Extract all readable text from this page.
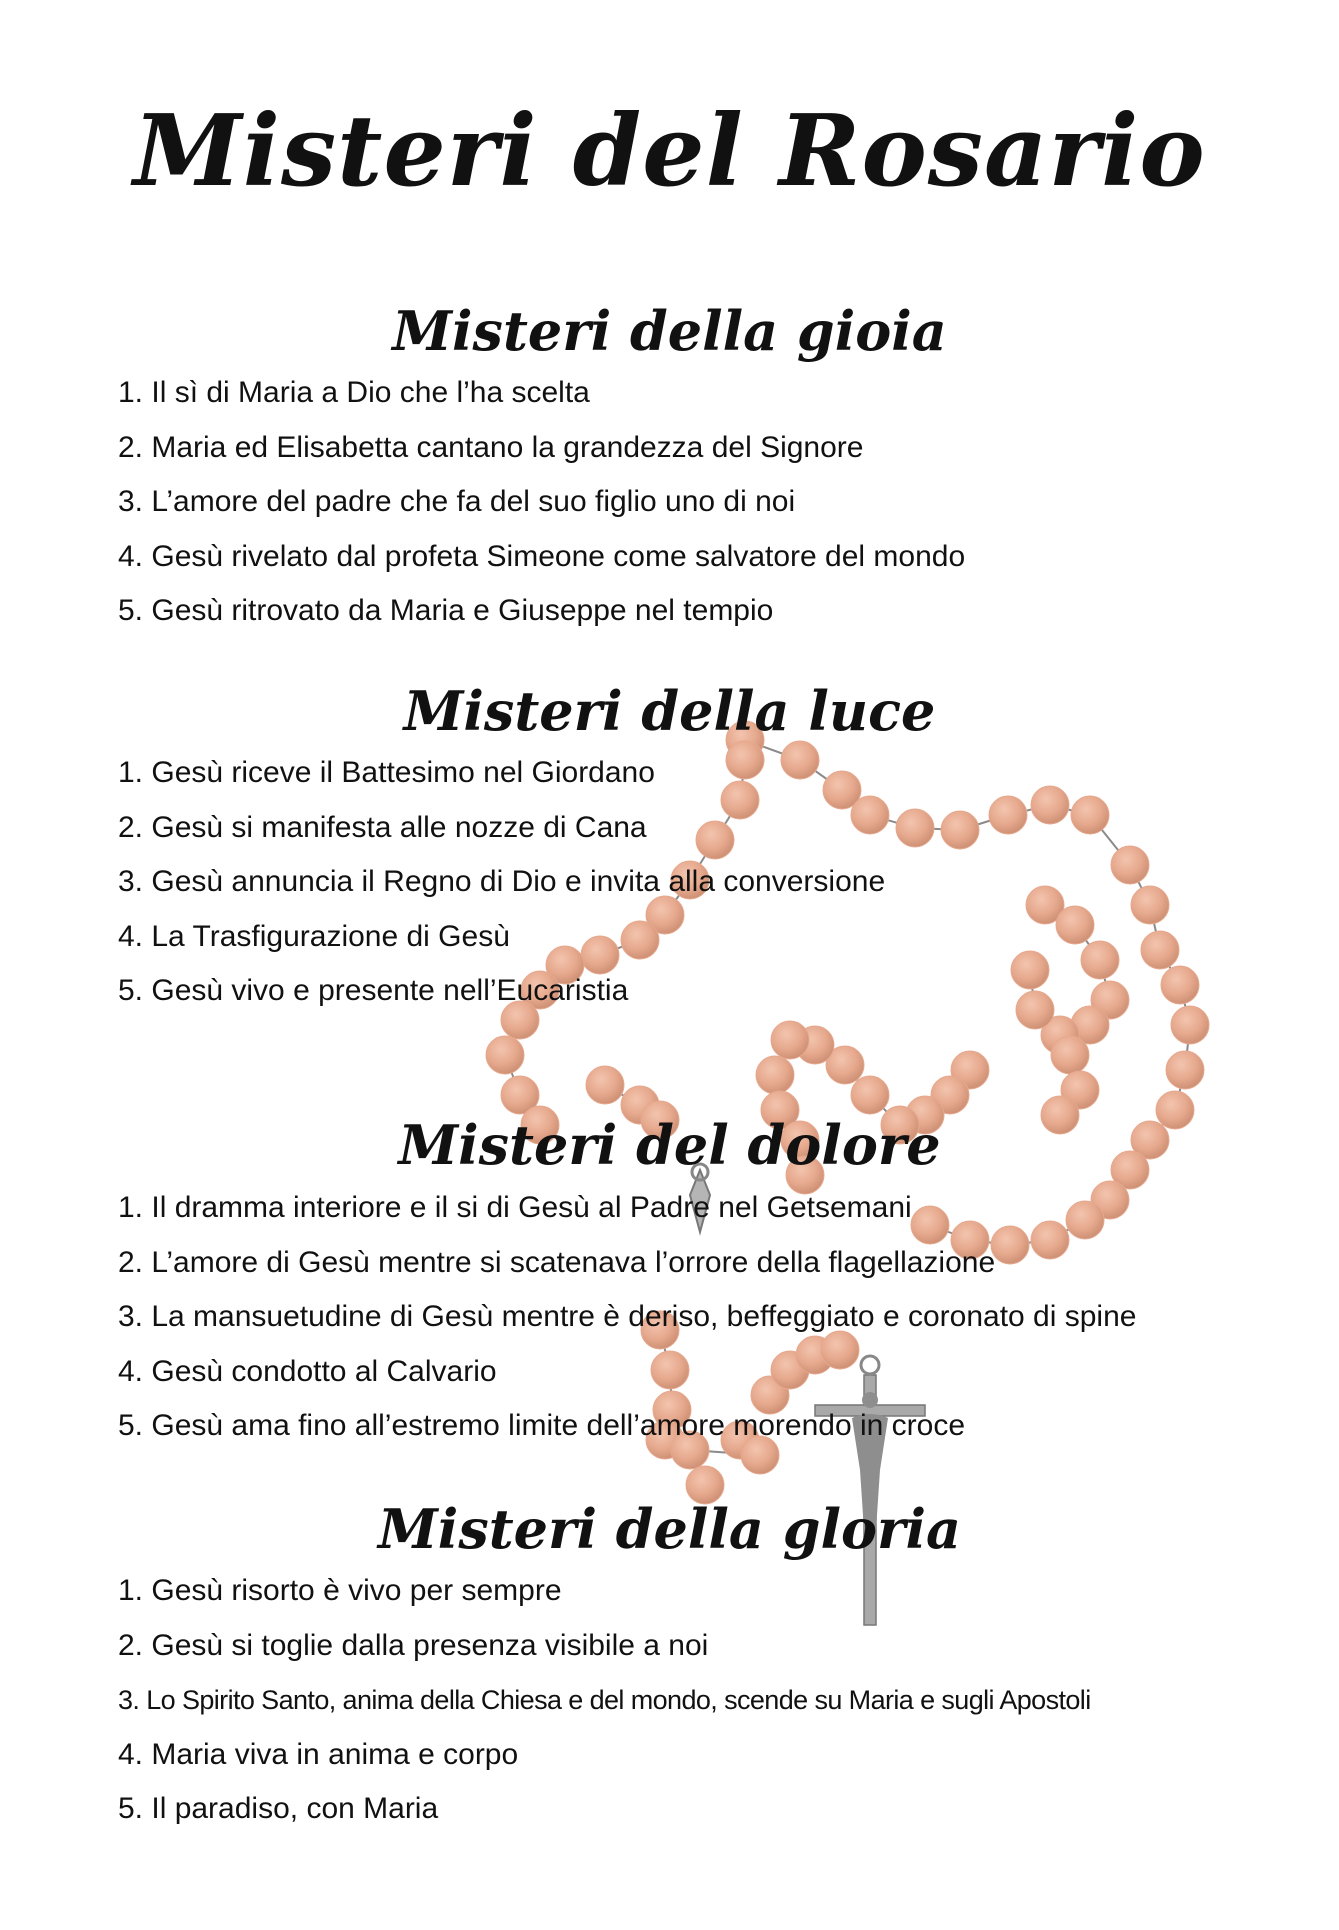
Misteri del Rosario
Misteri della gioia
1. Il sì di Maria a Dio che l’ha scelta
2. Maria ed Elisabetta cantano la grandezza del Signore
3. L’amore del padre che fa del suo figlio uno di noi
4. Gesù rivelato dal profeta Simeone come salvatore del mondo
5. Gesù ritrovato da Maria e Giuseppe nel tempio
Misteri della luce
1. Gesù riceve il Battesimo nel Giordano
2. Gesù si manifesta alle nozze di Cana
3. Gesù annuncia il Regno di Dio e invita alla conversione
4. La Trasfigurazione di Gesù
5. Gesù vivo e presente nell’Eucaristia
Misteri del dolore
1. Il dramma interiore e il si di Gesù al Padre nel Getsemani
2. L’amore di Gesù mentre si scatenava l’orrore della flagellazione
3. La mansuetudine di Gesù mentre è deriso, beffeggiato e coronato di spine
4. Gesù condotto al Calvario
5. Gesù ama fino all’estremo limite dell’amore morendo in croce
Misteri della gloria
1. Gesù risorto è vivo per sempre
2. Gesù si toglie dalla presenza visibile a noi
3. Lo Spirito Santo, anima della Chiesa e del mondo, scende su Maria e sugli Apostoli
4. Maria viva in anima e corpo
5. Il paradiso, con Maria
